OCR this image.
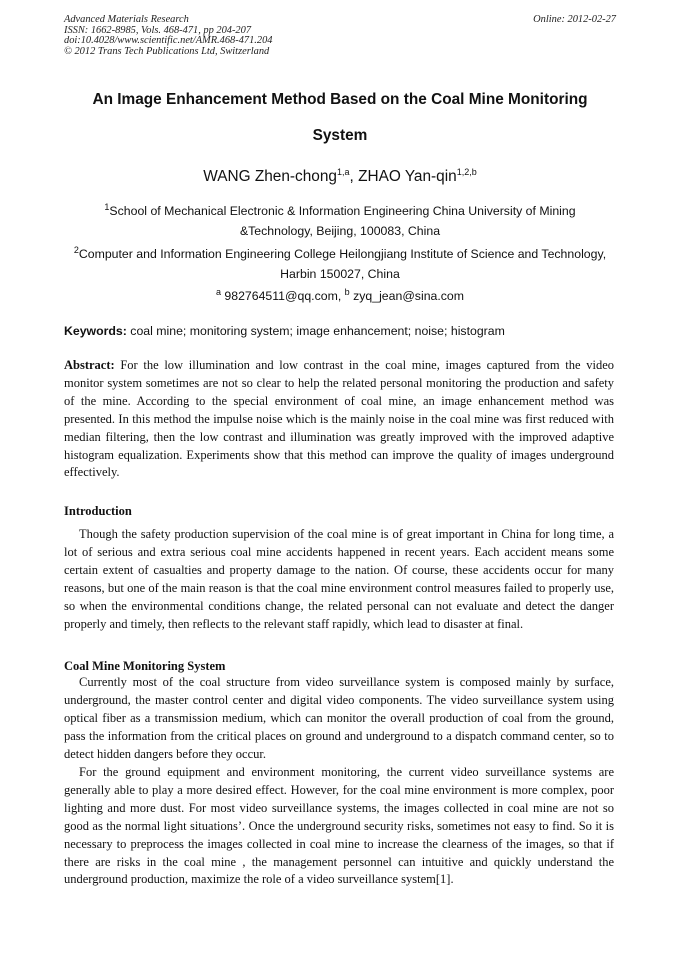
Advanced Materials Research
ISSN: 1662-8985, Vols. 468-471, pp 204-207
doi:10.4028/www.scientific.net/AMR.468-471.204
© 2012 Trans Tech Publications Ltd, Switzerland
Online: 2012-02-27
An Image Enhancement Method Based on the Coal Mine Monitoring
System
WANG Zhen-chong$^{1,a}$, ZHAO Yan-qin$^{1,2,b}$
$^1$School of Mechanical Electronic & Information Engineering China University of Mining
&Technology, Beijing, 100083, China
$^2$Computer and Information Engineering College Heilongjiang Institute of Science and Technology,
Harbin 150027, China
$^a$ 982764511@qq.com, $^b$ zyq_jean@sina.com
Keywords: coal mine; monitoring system; image enhancement; noise; histogram
Abstract: For the low illumination and low contrast in the coal mine, images captured from the video monitor system sometimes are not so clear to help the related personal monitoring the production and safety of the mine. According to the special environment of coal mine, an image enhancement method was presented. In this method the impulse noise which is the mainly noise in the coal mine was first reduced with median filtering, then the low contrast and illumination was greatly improved with the improved adaptive histogram equalization. Experiments show that this method can improve the quality of images underground effectively.
Introduction
Though the safety production supervision of the coal mine is of great important in China for long time, a lot of serious and extra serious coal mine accidents happened in recent years. Each accident means some certain extent of casualties and property damage to the nation. Of course, these accidents occur for many reasons, but one of the main reason is that the coal mine environment control measures failed to properly use, so when the environmental conditions change, the related personal can not evaluate and detect the danger properly and timely, then reflects to the relevant staff rapidly, which lead to disaster at final.
Coal Mine Monitoring System
Currently most of the coal structure from video surveillance system is composed mainly by surface, underground, the master control center and digital video components. The video surveillance system using optical fiber as a transmission medium, which can monitor the overall production of coal from the ground, pass the information from the critical places on ground and underground to a dispatch command center, so to detect hidden dangers before they occur.
For the ground equipment and environment monitoring, the current video surveillance systems are generally able to play a more desired effect. However, for the coal mine environment is more complex, poor lighting and more dust. For most video surveillance systems, the images collected in coal mine are not so good as the normal light situations’. Once the underground security risks, sometimes not easy to find. So it is necessary to preprocess the images collected in coal mine to increase the clearness of the images, so that if there are risks in the coal mine , the management personnel can intuitive and quickly understand the underground production, maximize the role of a video surveillance system[1].
